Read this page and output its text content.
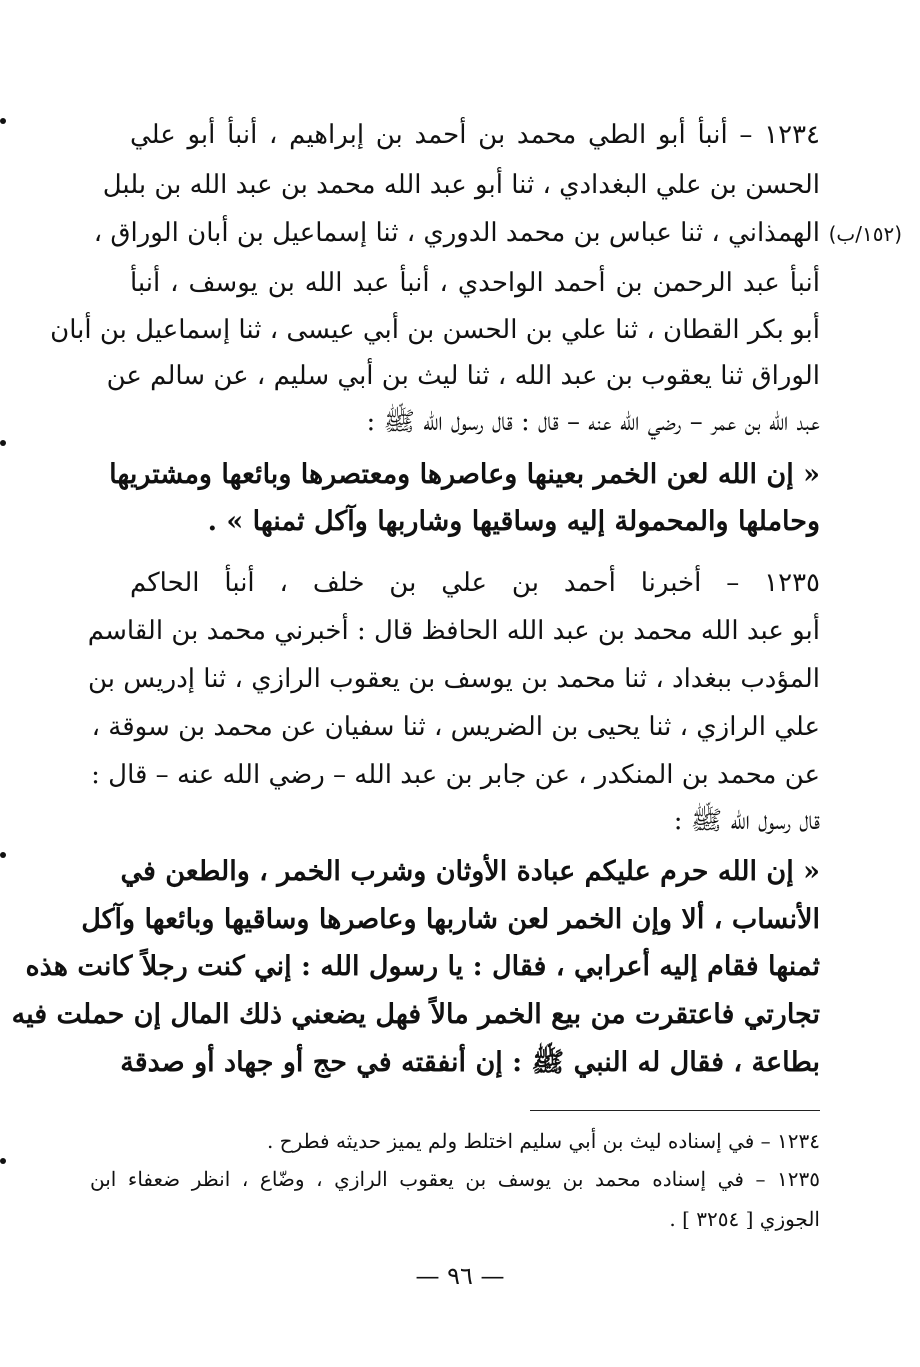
١٢٣٤ – أنبأ أبو الطي محمد بن أحمد بن إبراهيم ، أنبأ أبو علي
الحسن بن علي البغدادي ، ثنا أبو عبد الله محمد بن عبد الله بن بلبل
الهمذاني ، ثنا عباس بن محمد الدوري ، ثنا إسماعيل بن أبان الوراق ، (١٥٢/ب)
أنبأ عبد الرحمن بن أحمد الواحدي ، أنبأ عبد الله بن يوسف ، أنبأ
أبو بكر القطان ، ثنا علي بن الحسن بن أبي عيسى ، ثنا إسماعيل بن أبان
الوراق ثنا يعقوب بن عبد الله ، ثنا ليث بن أبي سليم ، عن سالم عن
عبد الله بن عمر – رضي الله عنه – قال : قال رسول الله ﷺ :
« إن الله لعن الخمر بعينها وعاصرها ومعتصرها وبائعها ومشتريها
وحاملها والمحمولة إليه وساقيها وشاربها وآكل ثمنها » .
١٢٣٥ – أخبرنا أحمد بن علي بن خلف ، أنبأ الحاكم
أبو عبد الله محمد بن عبد الله الحافظ قال : أخبرني محمد بن القاسم
المؤدب ببغداد ، ثنا محمد بن يوسف بن يعقوب الرازي ، ثنا إدريس بن
علي الرازي ، ثنا يحيى بن الضريس ، ثنا سفيان عن محمد بن سوقة ،
عن محمد بن المنكدر ، عن جابر بن عبد الله – رضي الله عنه – قال :
قال رسول الله ﷺ :
« إن الله حرم عليكم عبادة الأوثان وشرب الخمر ، والطعن في
الأنساب ، ألا وإن الخمر لعن شاربها وعاصرها وساقيها وبائعها وآكل
ثمنها فقام إليه أعرابي ، فقال : يا رسول الله : إني كنت رجلاً كانت هذه
تجارتي فاعتقرت من بيع الخمر مالاً فهل يضعني ذلك المال إن حملت فيه
بطاعة ، فقال له النبي ﷺ : إن أنفقته في حج أو جهاد أو صدقة
١٢٣٤ – في إسناده ليث بن أبي سليم اختلط ولم يميز حديثه فطرح .
١٢٣٥ – في إسناده محمد بن يوسف بن يعقوب الرازي ، وضّاع ، انظر ضعفاء ابن
الجوزي [ ٣٢٥٤ ] .
— ٩٦ —
